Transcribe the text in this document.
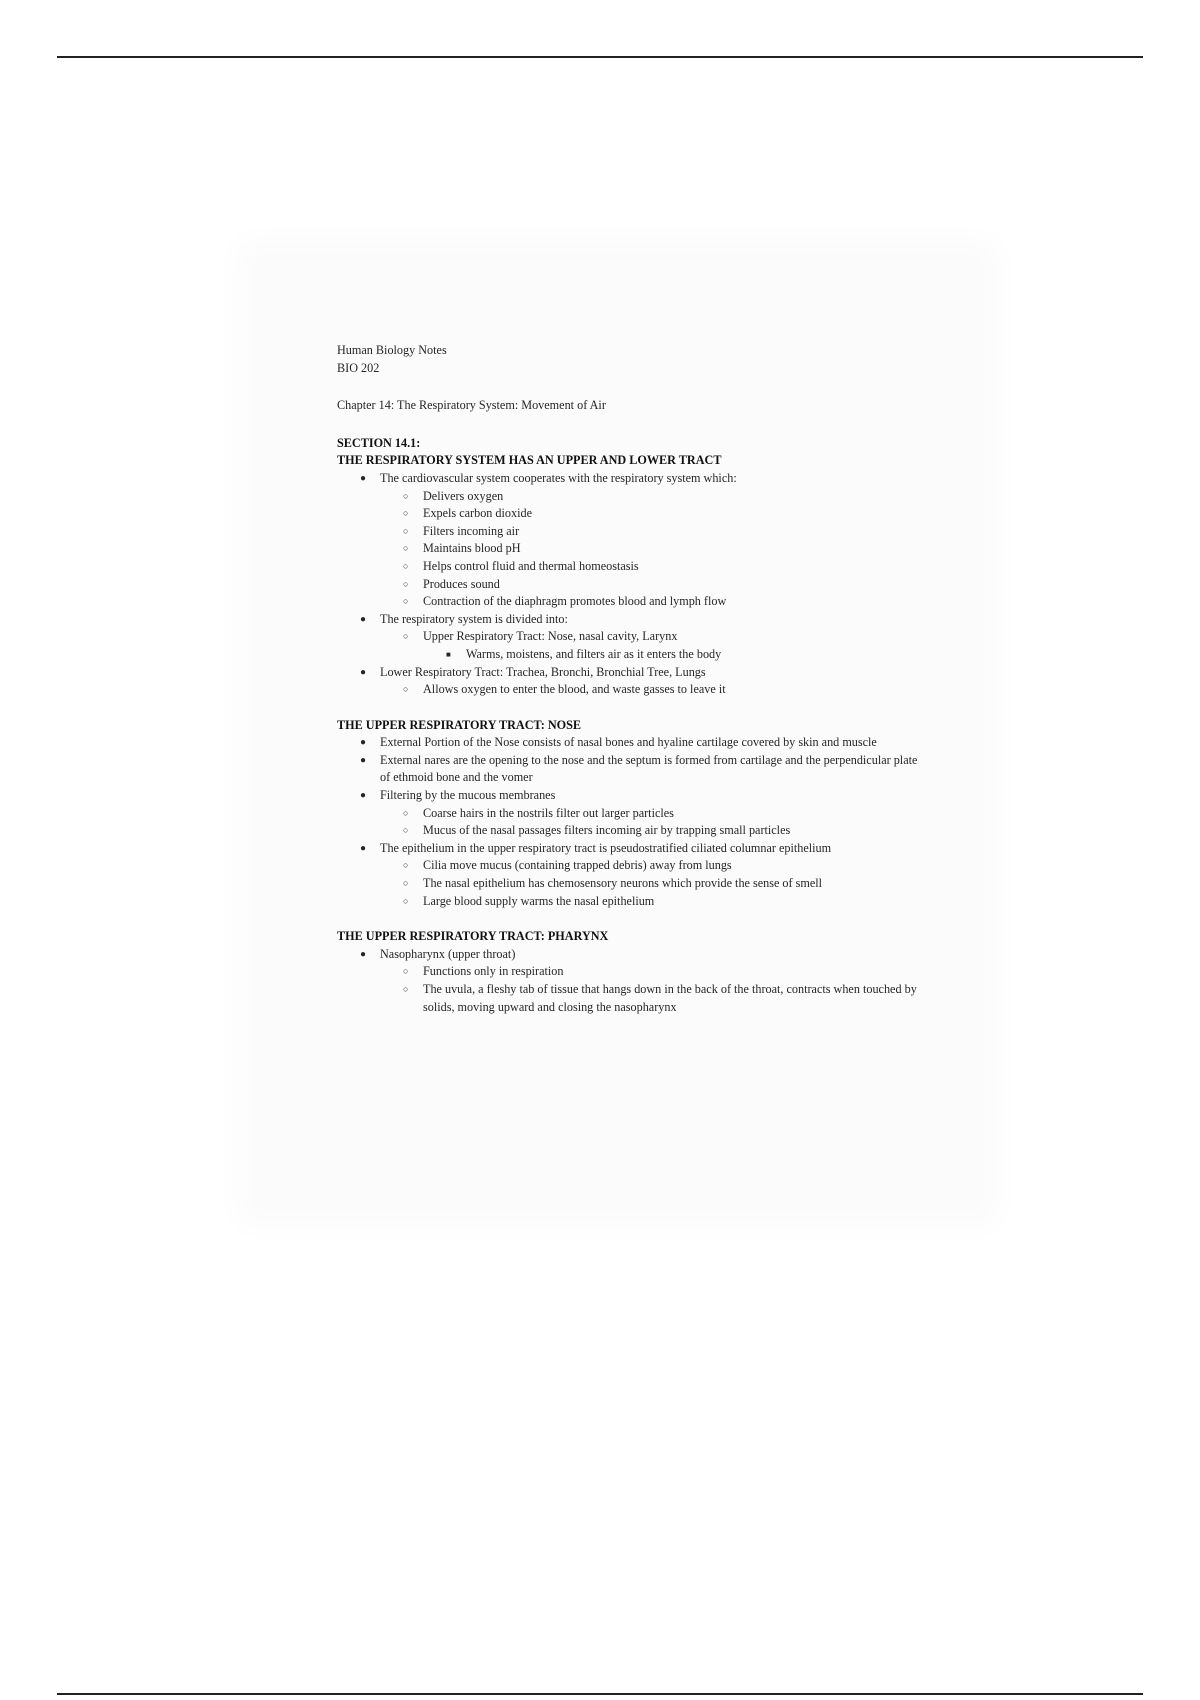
Human Biology Notes
BIO 202
Chapter 14: The Respiratory System: Movement of Air
SECTION 14.1:
THE RESPIRATORY SYSTEM HAS AN UPPER AND LOWER TRACT
● The cardiovascular system cooperates with the respiratory system which:
○ Delivers oxygen
○ Expels carbon dioxide
○ Filters incoming air
○ Maintains blood pH
○ Helps control fluid and thermal homeostasis
○ Produces sound
○ Contraction of the diaphragm promotes blood and lymph flow
● The respiratory system is divided into:
○ Upper Respiratory Tract: Nose, nasal cavity, Larynx
■ Warms, moistens, and filters air as it enters the body
● Lower Respiratory Tract: Trachea, Bronchi, Bronchial Tree, Lungs
○ Allows oxygen to enter the blood, and waste gasses to leave it
THE UPPER RESPIRATORY TRACT: NOSE
● External Portion of the Nose consists of nasal bones and hyaline cartilage covered by skin and muscle
● External nares are the opening to the nose and the septum is formed from cartilage and the perpendicular plate of ethmoid bone and the vomer
● Filtering by the mucous membranes
○ Coarse hairs in the nostrils filter out larger particles
○ Mucus of the nasal passages filters incoming air by trapping small particles
● The epithelium in the upper respiratory tract is pseudostratified ciliated columnar epithelium
○ Cilia move mucus (containing trapped debris) away from lungs
○ The nasal epithelium has chemosensory neurons which provide the sense of smell
○ Large blood supply warms the nasal epithelium
THE UPPER RESPIRATORY TRACT: PHARYNX
● Nasopharynx (upper throat)
○ Functions only in respiration
○ The uvula, a fleshy tab of tissue that hangs down in the back of the throat, contracts when touched by solids, moving upward and closing the nasopharynx
